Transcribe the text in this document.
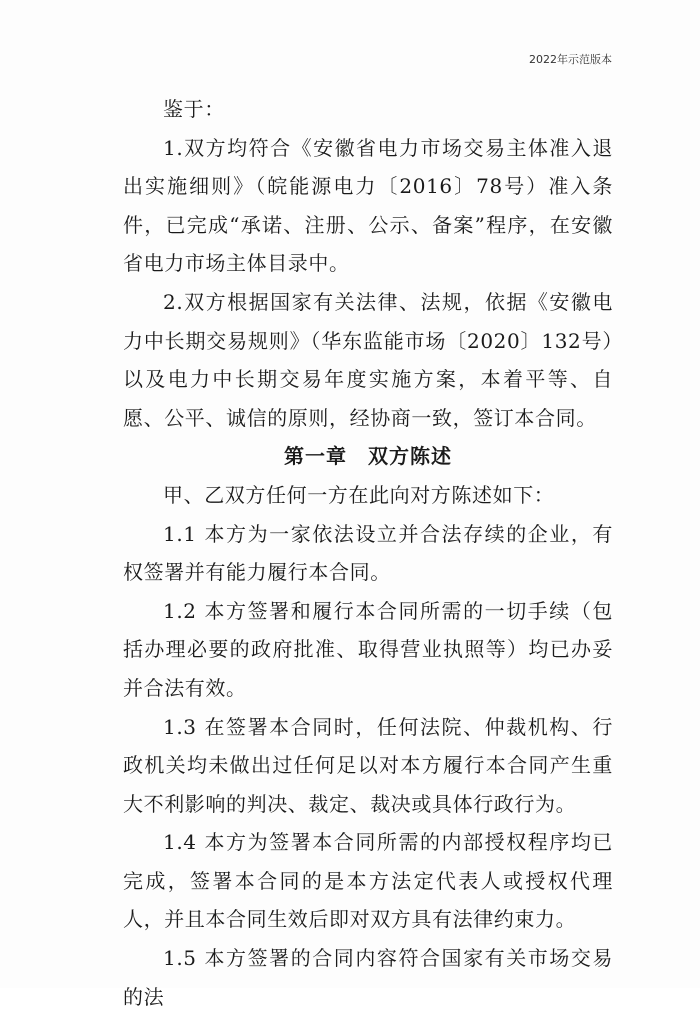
2022年示范版本

鉴于：

1.双方均符合《安徽省电力市场交易主体准入退出实施细则》（皖能源电力〔2016〕78号）准入条件，已完成“承诺、注册、公示、备案”程序，在安徽省电力市场主体目录中。

2.双方根据国家有关法律、法规，依据《安徽电力中长期交易规则》（华东监能市场〔2020〕132号）以及电力中长期交易年度实施方案，本着平等、自愿、公平、诚信的原则，经协商一致，签订本合同。

第一章　双方陈述

甲、乙双方任何一方在此向对方陈述如下：

1.1 本方为一家依法设立并合法存续的企业，有权签署并有能力履行本合同。

1.2 本方签署和履行本合同所需的一切手续（包括办理必要的政府批准、取得营业执照等）均已办妥并合法有效。

1.3 在签署本合同时，任何法院、仲裁机构、行政机关均未做出过任何足以对本方履行本合同产生重大不利影响的判决、裁定、裁决或具体行政行为。

1.4 本方为签署本合同所需的内部授权程序均已完成，签署本合同的是本方法定代表人或授权代理人，并且本合同生效后即对双方具有法律约束力。

1.5 本方签署的合同内容符合国家有关市场交易的法
